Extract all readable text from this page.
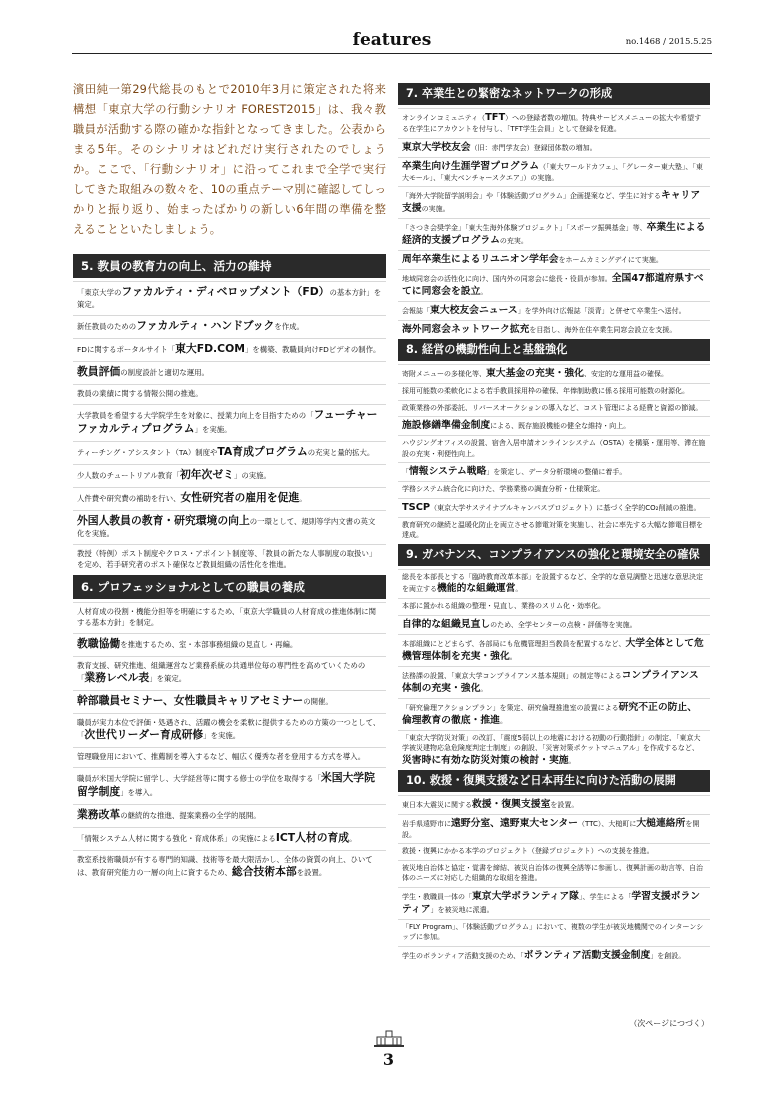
features	no.1468 / 2015.5.25

濱田純一第29代総長のもとで2010年3月に策定された将来構想「東京大学の行動シナリオ FOREST2015」は、我々教職員が活動する際の確かな指針となってきました。公表からまる5年。そのシナリオはどれだけ実行されたのでしょうか。ここで、「行動シナリオ」に沿ってこれまで全学で実行してきた取組みの数々を、10の重点テーマ別に確認してしっかりと振り返り、始まったばかりの新しい6年間の準備を整えることといたしましょう。

5. 教員の教育力の向上、活力の維持
「東京大学のファカルティ・ディベロップメント（FD）の基本方針」を策定。
新任教員のためのファカルティ・ハンドブックを作成。
FDに関するポータルサイト「東大FD.COM」を構築、教職員向けFDビデオの制作。
教員評価の制度設計と適切な運用。
教員の業績に関する情報公開の推進。
大学教員を希望する大学院学生を対象に、授業力向上を目指すための「フューチャーファカルティプログラム」を実施。
ティーチング・アシスタント（TA）制度やTA育成プログラムの充実と量的拡大。
少人数のチュートリアル教育「初年次ゼミ」の実施。
人件費や研究費の補助を行い、女性研究者の雇用を促進。
外国人教員の教育・研究環境の向上の一環として、規則等学内文書の英文化を実施。
教授（特例）ポスト制度やクロス・アポイント制度等、「教員の新たな人事制度の取扱い」を定め、若手研究者のポスト確保など教員組織の活性化を推進。
6. プロフェッショナルとしての職員の養成
人材育成の役割・機能分担等を明確にするため、「東京大学職員の人材育成の推進体制に関する基本方針」を制定。
教職協働を推進するため、室・本部事務組織の見直し・再編。
教育支援、研究推進、組織運営など業務系統の共通単位毎の専門性を高めていくための「業務レベル表」を策定。
幹部職員セミナー、女性職員キャリアセミナーの開催。
職員が実力本位で評価・処遇され、活躍の機会を柔軟に提供するための方策の一つとして、「次世代リーダー育成研修」を実施。
管理職登用において、推薦制を導入するなど、幅広く優秀な者を登用する方式を導入。
職員が米国大学院に留学し、大学経営等に関する修士の学位を取得する「米国大学院留学制度」を導入。
業務改革の継続的な推進、提案業務の全学的展開。
「情報システム人材に関する強化・育成体系」の実施によるICT人材の育成。
教室系技術職員が有する専門的知識、技術等を最大限活かし、全体の資質の向上、ひいては、教育研究能力の一層の向上に資するため、総合技術本部を設置。
7. 卒業生との緊密なネットワークの形成
オンラインコミュニティ（TFT）への登録者数の増加。特典サービスメニューの拡大や希望する在学生にアカウントを付与し、「TFT学生会員」として登録を促進。
東京大学校友会（旧：赤門学友会）登録団体数の増加。
卒業生向け生涯学習プログラム（「東大ワールドカフェ」、「グレーター東大塾」、「東大モール」、「東大ベンチャースクエア」）の実施。
「海外大学院留学説明会」や「体験活動プログラム」企画提案など、学生に対するキャリア支援の実施。
「さつき会奨学金」「東大生海外体験プロジェクト」「スポーツ振興基金」等、卒業生による経済的支援プログラムの充実。
周年卒業生によるリユニオン学年会をホームカミングデイにて実施。
地域同窓会の活性化に向け、国内外の同窓会に総長・役員が参加。全国47都道府県すべてに同窓会を設立。
会報誌「東大校友会ニュース」を学外向け広報誌「淡青」と併せて卒業生へ送付。
海外同窓会ネットワーク拡充を目指し、海外在住卒業生同窓会設立を支援。
8. 経営の機動性向上と基盤強化
寄附メニューの多様化等、東大基金の充実・強化、安定的な運用益の確保。
採用可能数の柔軟化による若手教員採用枠の確保、年俸制助教に係る採用可能数の財源化。
政策業務の外部委託、リバースオークションの導入など、コスト管理による経費と資源の節減。
施設修繕準備金制度による、既存施設機能の健全な維持・向上。
ハウジングオフィスの設置、宿舎入居申請オンラインシステム（OSTA）を構築・運用等、滞在施設の充実・利便性向上。
「情報システム戦略」を策定し、データ分析環境の整備に着手。
学務システム統合化に向けた、学務業務の調査分析・仕様策定。
TSCP（東京大学サステイナブルキャンパスプロジェクト）に基づく全学的CO₂削減の推進。
教育研究の継続と温暖化防止を両立させる節電対策を実施し、社会に率先する大幅な節電目標を達成。
9. ガバナンス、コンプライアンスの強化と環境安全の確保
総長を本部長とする「臨時教育改革本部」を設置するなど、全学的な意見調整と迅速な意思決定を両立する機能的な組織運営。
本部に置かれる組織の整理・見直し、業務のスリム化・効率化。
自律的な組織見直しのため、全学センターの点検・評価等を実施。
本部組織にとどまらず、各部局にも危機管理担当教員を配置するなど、大学全体として危機管理体制を充実・強化。
法務課の設置、「東京大学コンプライアンス基本規則」の制定等によるコンプライアンス体制の充実・強化。
「研究倫理アクションプラン」を策定、研究倫理推進室の設置による研究不正の防止、倫理教育の徹底・推進。
「東京大学防災対策」の改訂、「震度5弱以上の地震における初動の行動指針」の制定、「東京大学被災建物応急危険度判定士制度」の創設、「災害対策ポケットマニュアル」を作成するなど、災害時に有効な防災対策の検討・実施。
10. 救援・復興支援など日本再生に向けた活動の展開
東日本大震災に関する救援・復興支援室を設置。
岩手県遠野市に遠野分室、遠野東大センター（TTC）、大槌町に大槌連絡所を開設。
救援・復興にかかる本学のプロジェクト（登録プロジェクト）への支援を推進。
被災地自治体と協定・覚書を締結、被災自治体の復興全誘等に参画し、復興計画の助言等、自治体のニーズに対応した組織的な取組を推進。
学生・教職員一体の「東京大学ボランティア隊」、学生による「学習支援ボランティア」を被災地に派遣。
「FLY Program」、「体験活動プログラム」において、複数の学生が被災地機関でのインターンシップに参加。
学生のボランティア活動支援のため、「ボランティア活動支援金制度」を創設。
（次ページにつづく）
3
